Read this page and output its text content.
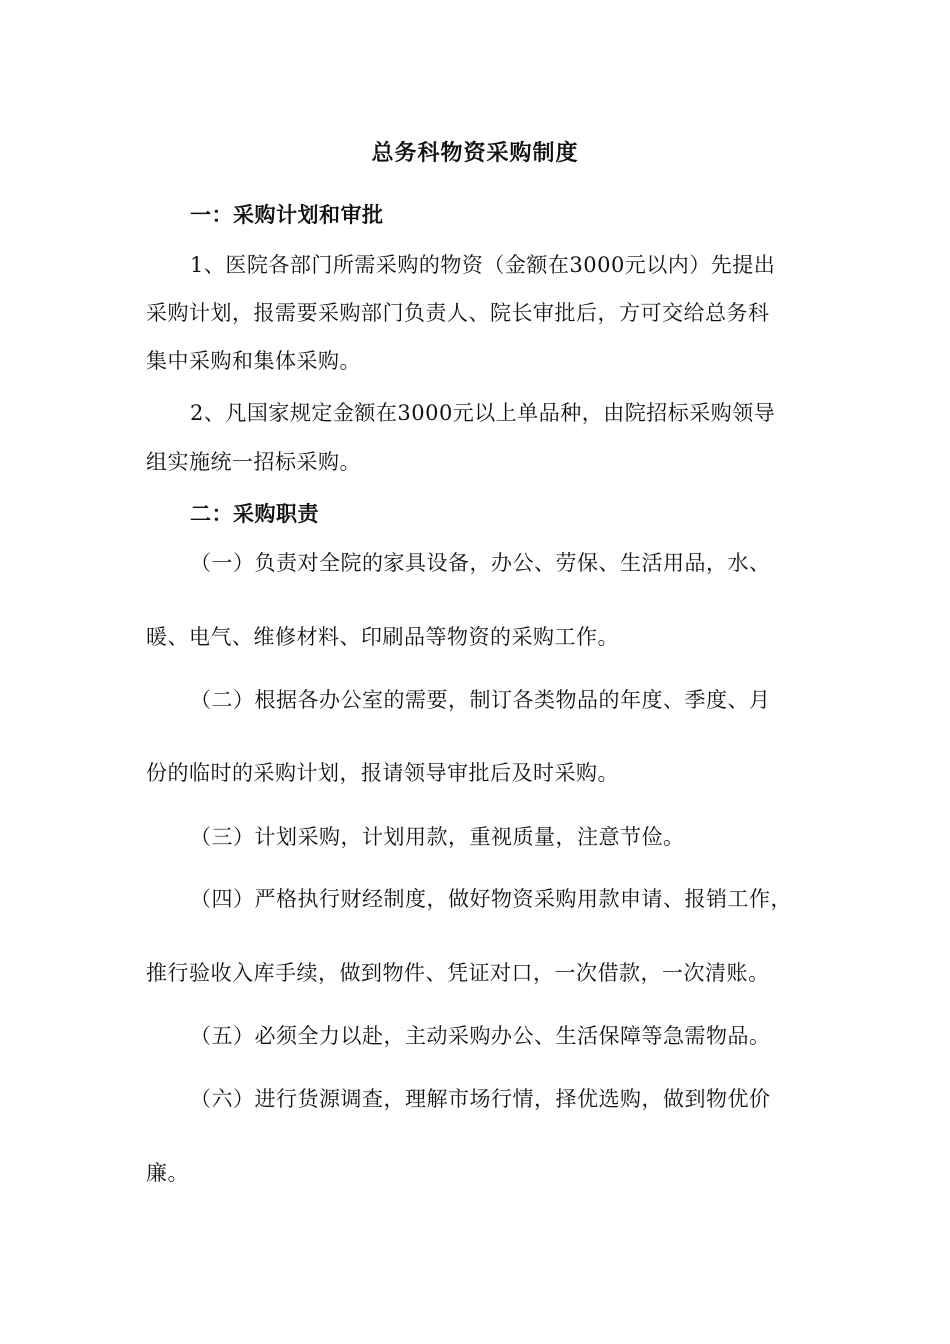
总务科物资采购制度
一：采购计划和审批
1、医院各部门所需采购的物资（金额在3000元以内）先提出
采购计划，报需要采购部门负责人、院长审批后，方可交给总务科
集中采购和集体采购。
2、凡国家规定金额在3000元以上单品种，由院招标采购领导
组实施统一招标采购。
二：采购职责
（一）负责对全院的家具设备，办公、劳保、生活用品，水、
暖、电气、维修材料、印刷品等物资的采购工作。
（二）根据各办公室的需要，制订各类物品的年度、季度、月
份的临时的采购计划，报请领导审批后及时采购。
（三）计划采购，计划用款，重视质量，注意节俭。
（四）严格执行财经制度，做好物资采购用款申请、报销工作，
推行验收入库手续，做到物件、凭证对口，一次借款，一次清账。
（五）必须全力以赴，主动采购办公、生活保障等急需物品。
（六）进行货源调查，理解市场行情，择优选购，做到物优价
廉。
